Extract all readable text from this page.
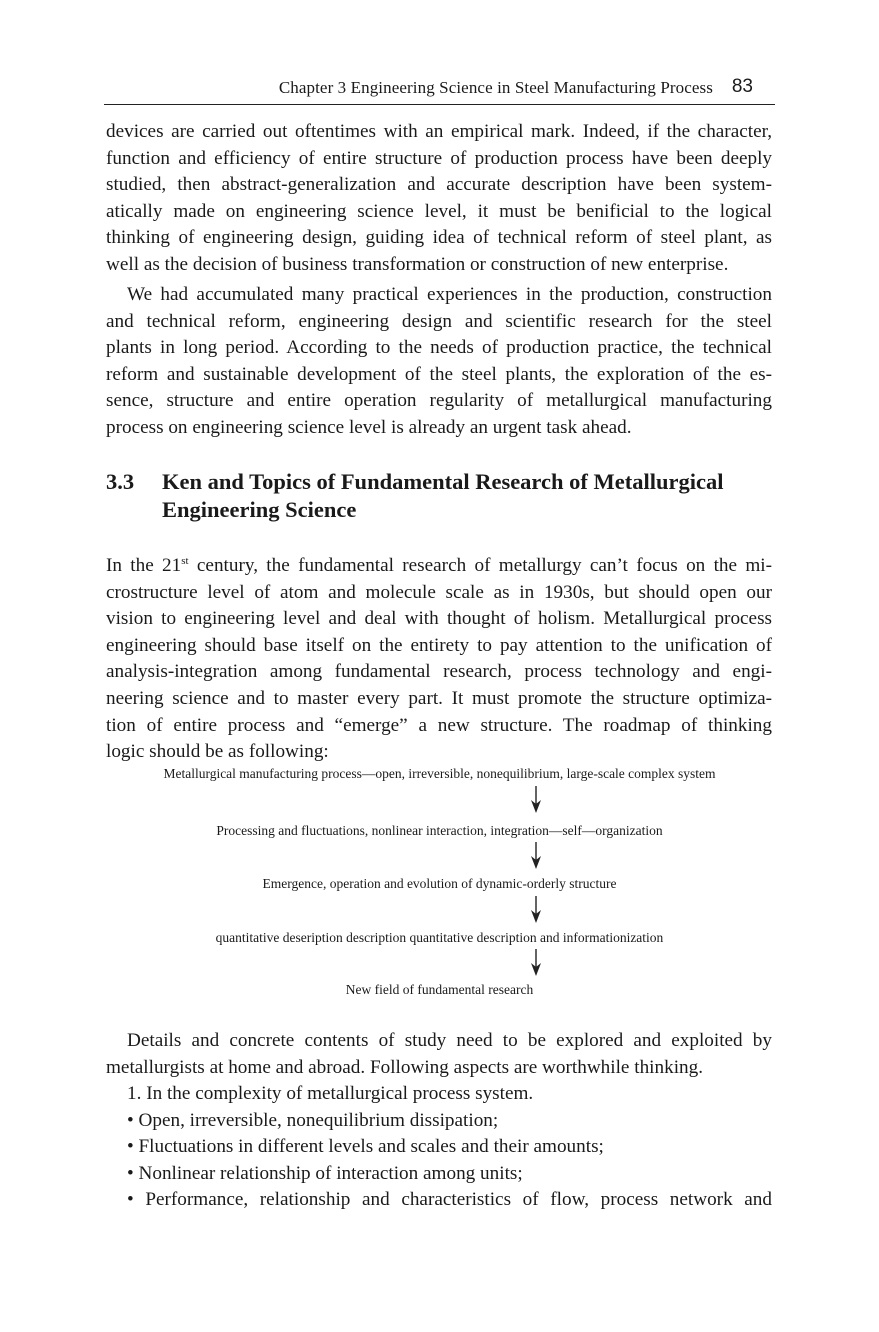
Chapter 3 Engineering Science in Steel Manufacturing Process 83
devices are carried out oftentimes with an empirical mark. Indeed, if the character,
function and efficiency of entire structure of production process have been deeply
studied, then abstract-generalization and accurate description have been system-
atically made on engineering science level, it must be benificial to the logical
thinking of engineering design, guiding idea of technical reform of steel plant, as
well as the decision of business transformation or construction of new enterprise.
We had accumulated many practical experiences in the production, construction
and technical reform, engineering design and scientific research for the steel
plants in long period. According to the needs of production practice, the technical
reform and sustainable development of the steel plants, the exploration of the es-
sence, structure and entire operation regularity of metallurgical manufacturing
process on engineering science level is already an urgent task ahead.
3.3 Ken and Topics of Fundamental Research of Metallurgical
Engineering Science
In the 21st century, the fundamental research of metallurgy can’t focus on the mi-
crostructure level of atom and molecule scale as in 1930s, but should open our
vision to engineering level and deal with thought of holism. Metallurgical process
engineering should base itself on the entirety to pay attention to the unification of
analysis-integration among fundamental research, process technology and engi-
neering science and to master every part. It must promote the structure optimiza-
tion of entire process and “emerge” a new structure. The roadmap of thinking
logic should be as following:
Metallurgical manufacturing process—open, irreversible, nonequilibrium, large-scale complex system
Processing and fluctuations, nonlinear interaction, integration—self—organization
Emergence, operation and evolution of dynamic-orderly structure
quantitative deseription description quantitative description and informationization
New field of fundamental research
Details and concrete contents of study need to be explored and exploited by
metallurgists at home and abroad. Following aspects are worthwhile thinking.
1. In the complexity of metallurgical process system.
• Open, irreversible, nonequilibrium dissipation;
• Fluctuations in different levels and scales and their amounts;
• Nonlinear relationship of interaction among units;
• Performance, relationship and characteristics of flow, process network and
